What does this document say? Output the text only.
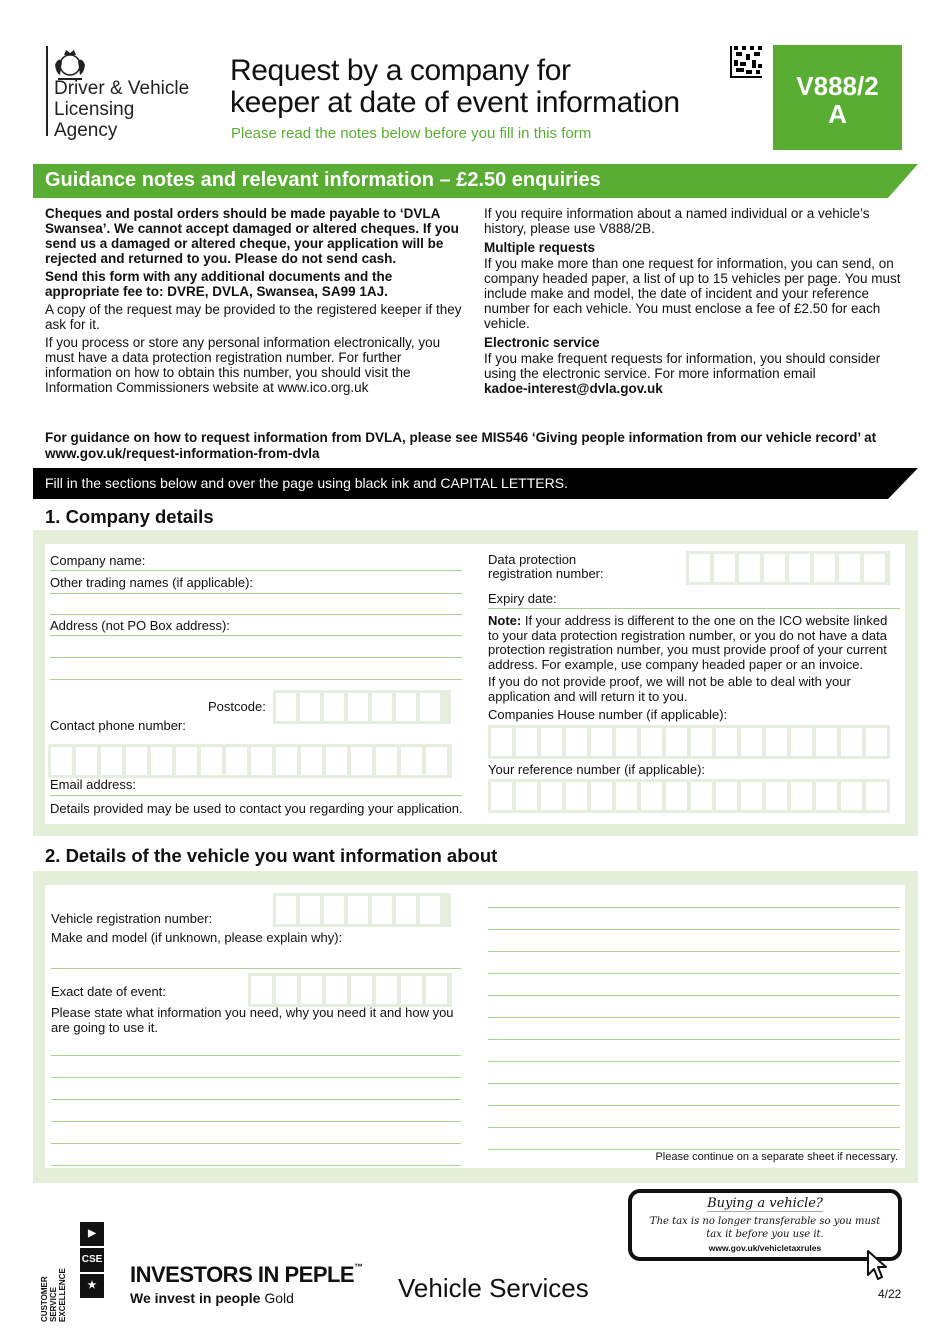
Driver & Vehicle
Licensing
Agency
Request by a company for
keeper at date of event information
Please read the notes below before you fill in this form
V888/2
A
Guidance notes and relevant information – £2.50 enquiries

Cheques and postal orders should be made payable to ‘DVLA Swansea’. We cannot accept damaged or altered cheques. If you send us a damaged or altered cheque, your application will be rejected and returned to you. Please do not send cash.

Send this form with any additional documents and the appropriate fee to: DVRE, DVLA, Swansea, SA99 1AJ.

A copy of the request may be provided to the registered keeper if they ask for it.

If you process or store any personal information electronically, you must have a data protection registration number. For further information on how to obtain this number, you should visit the Information Commissioners website at www.ico.org.uk

If you require information about a named individual or a vehicle’s history, please use V888/2B.

Multiple requests

If you make more than one request for information, you can send, on company headed paper, a list of up to 15 vehicles per page. You must include make and model, the date of incident and your reference number for each vehicle. You must enclose a fee of £2.50 for each vehicle.

Electronic service

If you make frequent requests for information, you should consider using the electronic service. For more information email

kadoe-interest@dvla.gov.uk

For guidance on how to request information from DVLA, please see MIS546 ‘Giving people information from our vehicle record’ at www.gov.uk/request-information-from-dvla
Fill in the sections below and over the page using black ink and CAPITAL LETTERS.
1. Company details
Company name:
Other trading names (if applicable):
Address (not PO Box address):
Postcode:
Contact phone number:
Email address:
Details provided may be used to contact you regarding your application.
Data protection
registration number:
Expiry date:

Note: If your address is different to the one on the ICO website linked to your data protection registration number, or you do not have a data protection registration number, you must provide proof of your current address. For example, use company headed paper or an invoice.

If you do not provide proof, we will not be able to deal with your application and will return it to you.

Companies House number (if applicable):
Your reference number (if applicable):
2. Details of the vehicle you want information about
Vehicle registration number:
Make and model (if unknown, please explain why):
Exact date of event:
Please state what information you need, why you need it and how you are going to use it.
Please continue on a separate sheet if necessary.
CUSTOMER SERVICE EXCELLENCE
▶
CSE
★	INVESTORS IN PEPLE™
We invest in people Gold	Vehicle Services
Buying a vehicle?
The tax is no longer transferable so you must tax it before you use it.
www.gov.uk/vehicletaxrules
4/22
